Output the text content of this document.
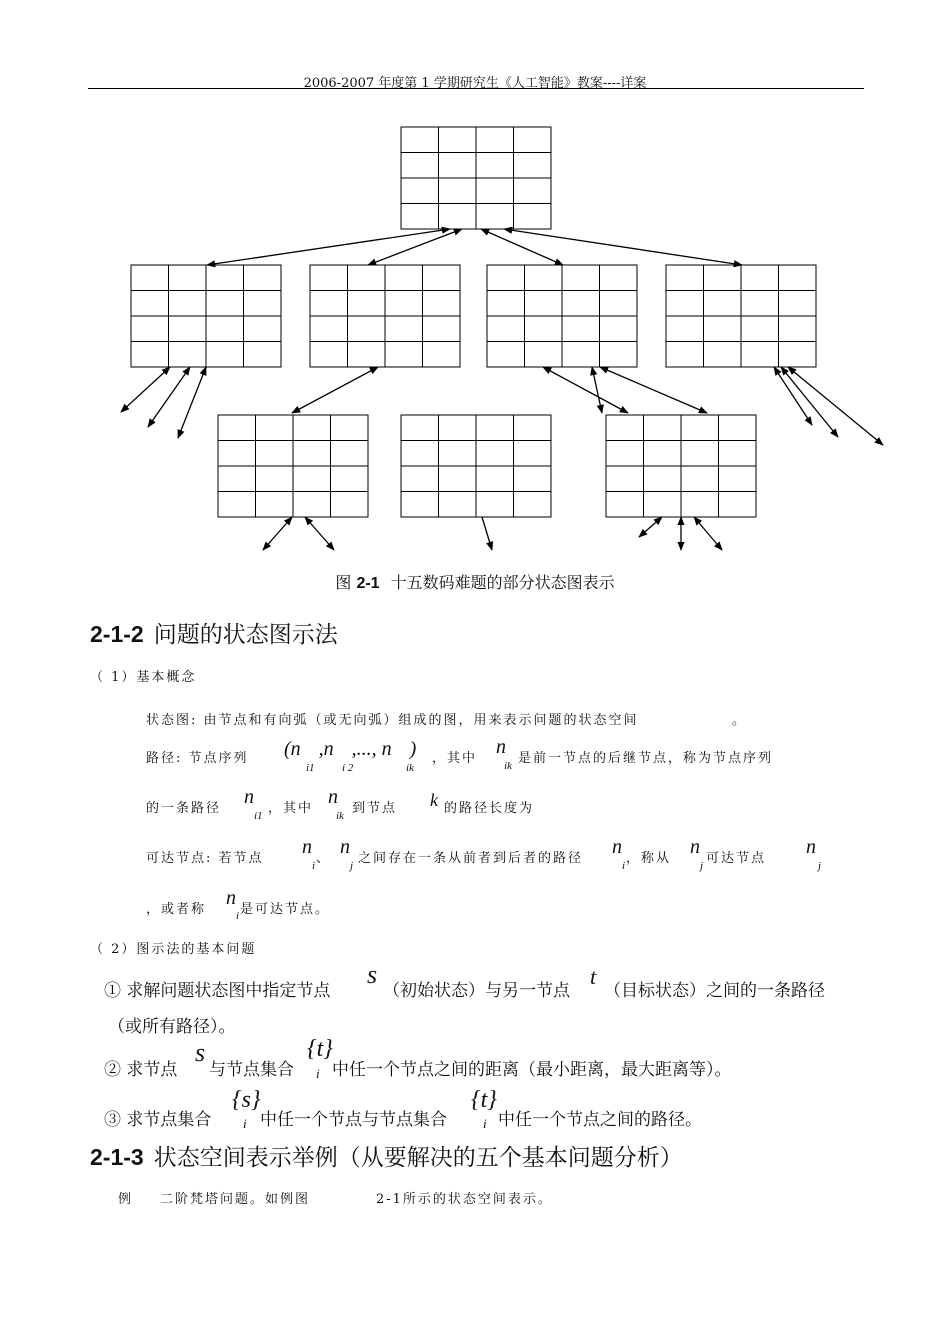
2006-2007 年度第 1 学期研究生《人工智能》教案----详案
图 2-1 十五数码难题的部分状态图表示
2-1-2 问题的状态图示法
（ 1）基本概念
状态图: 由节点和有向弧（或无向弧）组成的图，用来表示问题的状态空间	。
路径: 节点序列 (n ,n ,..., n )
i1 i 2	ik
，其中
n
ik 是前一节点的后继节点，称为节点序列
的一条路径
n
i1 ，其中
n
ik 到节点 k 的路径长度为
可达节点: 若节点
n
i 、
n
j 之间存在一条从前者到后者的路径
n
i ，称从
n
j 可达节点
n
j
，或者称
n
i 是可达节点。
（ 2）图示法的基本问题
① 求解问题状态图中指定节点
s
（初始状态）与另一节点
t
（目标状态）之间的一条路径
（或所有路径）。
② 求节点
s
与节点集合
{t}
i 中任一个节点之间的距离（最小距离，最大距离等）。
③ 求节点集合
{s}
i 中任一个节点与节点集合
{t}
i 中任一个节点之间的路径。
2-1-3 状态空间表示举例（从要解决的五个基本问题分析）
例 二阶梵塔问题。如例图	2-1所示的状态空间表示。
